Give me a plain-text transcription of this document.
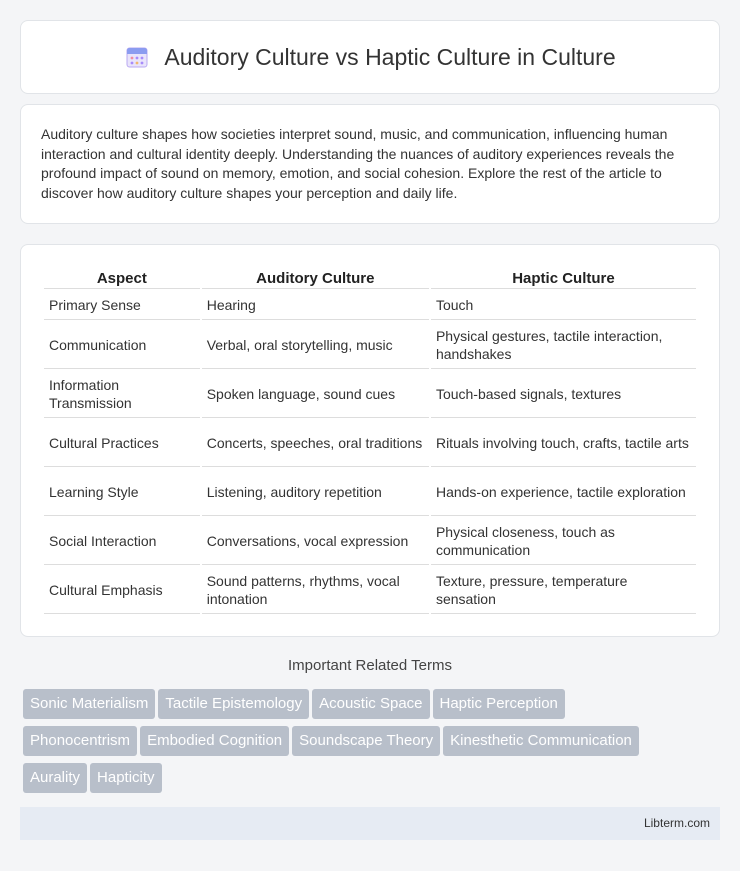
Auditory Culture vs Haptic Culture in Culture

Auditory culture shapes how societies interpret sound, music, and communication, influencing human interaction and cultural identity deeply. Understanding the nuances of auditory experiences reveals the profound impact of sound on memory, emotion, and social cohesion. Explore the rest of the article to discover how auditory culture shapes your perception and daily life.

Aspect	Auditory Culture	Haptic Culture
Primary Sense	Hearing	Touch
Communication	Verbal, oral storytelling, music	Physical gestures, tactile interaction, handshakes
Information Transmission	Spoken language, sound cues	Touch-based signals, textures
Cultural Practices	Concerts, speeches, oral traditions	Rituals involving touch, crafts, tactile arts
Learning Style	Listening, auditory repetition	Hands-on experience, tactile exploration
Social Interaction	Conversations, vocal expression	Physical closeness, touch as communication
Cultural Emphasis	Sound patterns, rhythms, vocal intonation	Texture, pressure, temperature sensation
Important Related Terms
Sonic Materialism Tactile Epistemology Acoustic Space Haptic Perception
Phonocentrism Embodied Cognition Soundscape Theory Kinesthetic Communication
Aurality Hapticity
Libterm.com
